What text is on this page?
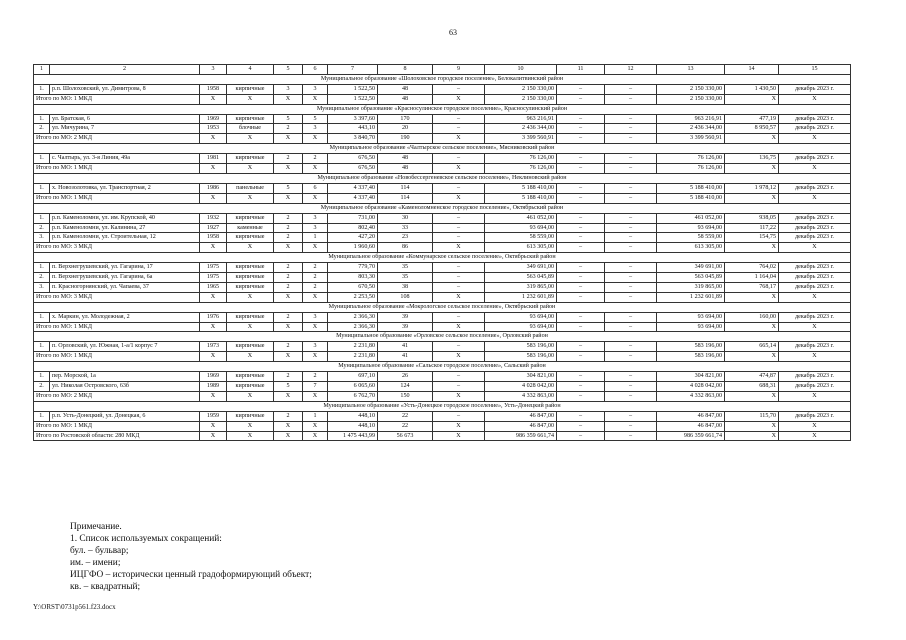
63
1	2	3	4	5	6	7	8	9	10	11	12	13	14	15
Муниципальное образование «Шолоховское городское поселение», Белокалитвинский район														
1.	р.п. Шолоховский, ул. Димитрова, 8	1958	кирпичные	3	3	1 522,50	48	–	2 150 330,00	–	–	2 150 330,00	1 430,50	декабрь 2023 г.
Итого по МО: 1 МКД		X	X	X	X	1 522,50	48	X	2 150 330,00	–	–	2 150 330,00	X	X
Муниципальное образование «Красносулинское городское поселение», Красносулинский район														
1.	ул. Братская, 6	1969	кирпичные	5	5	3 397,60	170	–	963 216,91	–	–	963 216,91	477,19	декабрь 2023 г.
2.	ул. Мичурина, 7	1953	блочные	2	3	443,10	20	–	2 436 344,00	–	–	2 436 344,00	8 950,57	декабрь 2023 г.
Итого по МО: 2 МКД		X	X	X	X	3 840,70	190	X	3 399 560,91	–	–	3 399 560,91	X	X
Муниципальное образование «Чалтырское сельское поселение», Мясниковский район														
1.	с. Чалтырь, ул. 3-я Линия, 49а	1981	кирпичные	2	2	676,50	48	–	76 126,00	–	–	76 126,00	136,75	декабрь 2023 г.
Итого по МО: 1 МКД		X	X	X	X	676,50	48	X	76 126,00	–	–	76 126,00	X	X
Муниципальное образование «Новобессергеневское сельское поселение», Неклиновский район														
1.	х. Новозолотовка, ул. Транспортная, 2	1986	панельные	5	6	4 337,40	114	–	5 188 410,00	–	–	5 188 410,00	1 978,12	декабрь 2023 г.
Итого по МО: 1 МКД		X	X	X	X	4 337,40	114	X	5 188 410,00	–	–	5 188 410,00	X	X
Муниципальное образование «Каменоломненское городское поселение», Октябрьский район														
1.	р.п. Каменоломни, ул. им. Крупской, 40	1932	кирпичные	2	3	731,00	30	–	461 052,00	–	–	461 052,00	938,05	декабрь 2023 г.
2.	р.п. Каменоломни, ул. Калинина, 27	1927	каменные	2	3	802,40	33	–	93 694,00	–	–	93 694,00	117,22	декабрь 2023 г.
3.	р.п. Каменоломни, ул. Строительная, 12	1958	кирпичные	2	1	427,20	23	–	58 559,00	–	–	58 559,00	154,75	декабрь 2023 г.
Итого по МО: 3 МКД		X	X	X	X	1 960,60	86	X	613 305,00	–	–	613 305,00	X	X
Муниципальное образование «Коммунарское сельское поселение», Октябрьский район														
1.	п. Верхнегрушевский, ул. Гагарина, 17	1975	кирпичные	2	2	779,70	35	–	349 691,00	–	–	349 691,00	764,02	декабрь 2023 г.
2.	п. Верхнегрушевский, ул. Гагарина, 6а	1975	кирпичные	2	2	803,30	35	–	563 045,89	–	–	563 045,89	1 164,04	декабрь 2023 г.
3.	п. Красногорнянский, ул. Чапаева, 37	1965	кирпичные	2	2	670,50	38	–	319 865,00	–	–	319 865,00	768,17	декабрь 2023 г.
Итого по МО: 3 МКД		X	X	X	X	2 253,50	108	X	1 232 601,89	–	–	1 232 601,89	X	X
Муниципальное образование «Мокрологское сельское поселение», Октябрьский район														
1.	х. Маркин, ул. Молодежная, 2	1976	кирпичные	2	3	2 366,30	39	–	93 694,00	–	–	93 694,00	160,00	декабрь 2023 г.
Итого по МО: 1 МКД		X	X	X	X	2 366,30	39	X	93 694,00	–	–	93 694,00	X	X
Муниципальное образование «Орловское сельское поселение», Орловский район														
1.	п. Орловский, ул. Южная, 1-а/1 корпус 7	1973	кирпичные	2	3	2 231,80	41	–	583 196,00	–	–	583 196,00	665,14	декабрь 2023 г.
Итого по МО: 1 МКД		X	X	X	X	2 231,80	41	X	583 196,00	–	–	583 196,00	X	X
Муниципальное образование «Сальское городское поселение», Сальский район														
1.	пер. Морской, 1а	1969	кирпичные	2	2	697,10	26	–	304 821,00	–	–	304 821,00	474,87	декабрь 2023 г.
2.	ул. Николая Островского, 63б	1989	кирпичные	5	7	6 065,60	124	–	4 028 042,00	–	–	4 028 042,00	688,31	декабрь 2023 г.
Итого по МО: 2 МКД		X	X	X	X	6 762,70	150	X	4 332 863,00	–	–	4 332 863,00	X	X
Муниципальное образование «Усть-Донецкое городское поселение», Усть-Донецкий район														
1.	р.п. Усть-Донецкий, ул. Донецкая, 6	1959	кирпичные	2	1	448,10	22	–	46 847,00	–	–	46 847,00	115,70	декабрь 2023 г.
Итого по МО: 1 МКД		X	X	X	X	448,10	22	X	46 847,00	–	–	46 847,00	X	X
Итого по Ростовской области: 280 МКД		X	X	X	X	1 475 443,99	56 673	X	986 359 661,74	–	–	986 359 661,74	X	X
Примечание.
1. Список используемых сокращений:
бул. – бульвар;
им. – имени;
ИЦГФО – исторически ценный градоформирующий объект;
кв. – квадратный;
Y:\ORST\0731p561.f23.docx
